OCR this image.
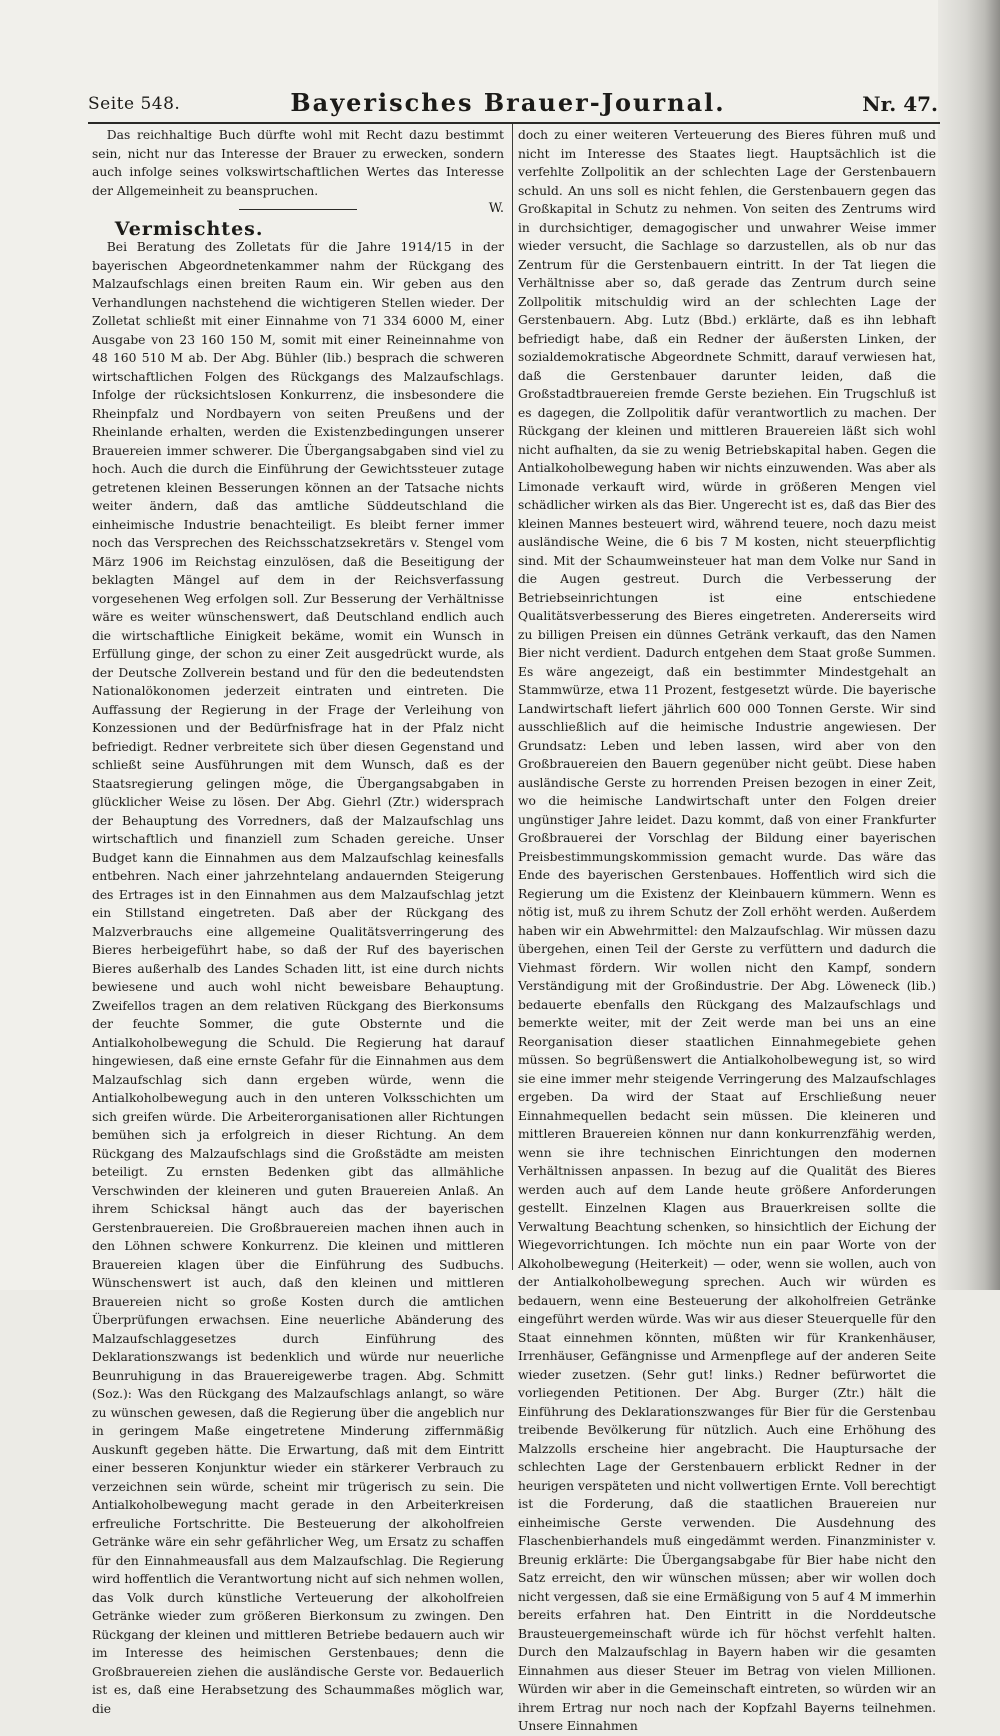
Seite 548.	Bayerisches Brauer-Journal.	Nr. 47.

Das reichhaltige Buch dürfte wohl mit Recht dazu bestimmt sein, nicht nur das Interesse der Brauer zu erwecken, sondern auch infolge seines volkswirtschaftlichen Wertes das Interesse der Allgemeinheit zu beanspruchen.

W.

Vermischtes.

Bei Beratung des Zolletats für die Jahre 1914/15 in der bayerischen Abgeordnetenkammer nahm der Rückgang des Malzaufschlags einen breiten Raum ein. Wir geben aus den Verhandlungen nachstehend die wichtigeren Stellen wieder. Der Zolletat schließt mit einer Einnahme von 71 334 6000 M, einer Ausgabe von 23 160 150 M, somit mit einer Reineinnahme von 48 160 510 M ab. Der Abg. Bühler (lib.) besprach die schweren wirtschaftlichen Folgen des Rückgangs des Malzaufschlags. Infolge der rücksichtslosen Konkurrenz, die insbesondere die Rheinpfalz und Nordbayern von seiten Preußens und der Rheinlande erhalten, werden die Existenzbedingungen unserer Brauereien immer schwerer. Die Übergangsabgaben sind viel zu hoch. Auch die durch die Einführung der Gewichtssteuer zutage getretenen kleinen Besserungen können an der Tatsache nichts weiter ändern, daß das amtliche Süddeutschland die einheimische Industrie benachteiligt. Es bleibt ferner immer noch das Versprechen des Reichsschatzsekretärs v. Stengel vom März 1906 im Reichstag einzulösen, daß die Beseitigung der beklagten Mängel auf dem in der Reichsverfassung vorgesehenen Weg erfolgen soll. Zur Besserung der Verhältnisse wäre es weiter wünschenswert, daß Deutschland endlich auch die wirtschaftliche Einigkeit bekäme, womit ein Wunsch in Erfüllung ginge, der schon zu einer Zeit ausgedrückt wurde, als der Deutsche Zollverein bestand und für den die bedeutendsten Nationalökonomen jederzeit eintraten und eintreten. Die Auffassung der Regierung in der Frage der Verleihung von Konzessionen und der Bedürfnisfrage hat in der Pfalz nicht befriedigt. Redner verbreitete sich über diesen Gegenstand und schließt seine Ausführungen mit dem Wunsch, daß es der Staatsregierung gelingen möge, die Übergangsabgaben in glücklicher Weise zu lösen. Der Abg. Giehrl (Ztr.) widersprach der Behauptung des Vorredners, daß der Malzaufschlag uns wirtschaftlich und finanziell zum Schaden gereiche. Unser Budget kann die Einnahmen aus dem Malzaufschlag keinesfalls entbehren. Nach einer jahrzehntelang andauernden Steigerung des Ertrages ist in den Einnahmen aus dem Malzaufschlag jetzt ein Stillstand eingetreten. Daß aber der Rückgang des Malzverbrauchs eine allgemeine Qualitätsverringerung des Bieres herbeigeführt habe, so daß der Ruf des bayerischen Bieres außerhalb des Landes Schaden litt, ist eine durch nichts bewiesene und auch wohl nicht beweisbare Behauptung. Zweifellos tragen an dem relativen Rückgang des Bierkonsums der feuchte Sommer, die gute Obsternte und die Antialkoholbewegung die Schuld. Die Regierung hat darauf hingewiesen, daß eine ernste Gefahr für die Einnahmen aus dem Malzaufschlag sich dann ergeben würde, wenn die Antialkoholbewegung auch in den unteren Volksschichten um sich greifen würde. Die Arbeiterorganisationen aller Richtungen bemühen sich ja erfolgreich in dieser Richtung. An dem Rückgang des Malzaufschlags sind die Großstädte am meisten beteiligt. Zu ernsten Bedenken gibt das allmähliche Verschwinden der kleineren und guten Brauereien Anlaß. An ihrem Schicksal hängt auch das der bayerischen Gerstenbrauereien. Die Großbrauereien machen ihnen auch in den Löhnen schwere Konkurrenz. Die kleinen und mittleren Brauereien klagen über die Einführung des Sudbuchs. Wünschenswert ist auch, daß den kleinen und mittleren Brauereien nicht so große Kosten durch die amtlichen Überprüfungen erwachsen. Eine neuerliche Abänderung des Malzaufschlaggesetzes durch Einführung des Deklarationszwangs ist bedenklich und würde nur neuerliche Beunruhigung in das Brauereigewerbe tragen. Abg. Schmitt (Soz.): Was den Rückgang des Malzaufschlags anlangt, so wäre zu wünschen gewesen, daß die Regierung über die angeblich nur in geringem Maße eingetretene Minderung ziffernmäßig Auskunft gegeben hätte. Die Erwartung, daß mit dem Eintritt einer besseren Konjunktur wieder ein stärkerer Verbrauch zu verzeichnen sein würde, scheint mir trügerisch zu sein. Die Antialkoholbewegung macht gerade in den Arbeiterkreisen erfreuliche Fortschritte. Die Besteuerung der alkoholfreien Getränke wäre ein sehr gefährlicher Weg, um Ersatz zu schaffen für den Einnahmeausfall aus dem Malzaufschlag. Die Regierung wird hoffentlich die Verantwortung nicht auf sich nehmen wollen, das Volk durch künstliche Verteuerung der alkoholfreien Getränke wieder zum größeren Bierkonsum zu zwingen. Den Rückgang der kleinen und mittleren Betriebe bedauern auch wir im Interesse des heimischen Gerstenbaues; denn die Großbrauereien ziehen die ausländische Gerste vor. Bedauerlich ist es, daß eine Herabsetzung des Schaummaßes möglich war, die

doch zu einer weiteren Verteuerung des Bieres führen muß und nicht im Interesse des Staates liegt. Hauptsächlich ist die verfehlte Zollpolitik an der schlechten Lage der Gerstenbauern schuld. An uns soll es nicht fehlen, die Gerstenbauern gegen das Großkapital in Schutz zu nehmen. Von seiten des Zentrums wird in durchsichtiger, demagogischer und unwahrer Weise immer wieder versucht, die Sachlage so darzustellen, als ob nur das Zentrum für die Gerstenbauern eintritt. In der Tat liegen die Verhältnisse aber so, daß gerade das Zentrum durch seine Zollpolitik mitschuldig wird an der schlechten Lage der Gerstenbauern. Abg. Lutz (Bbd.) erklärte, daß es ihn lebhaft befriedigt habe, daß ein Redner der äußersten Linken, der sozialdemokratische Abgeordnete Schmitt, darauf verwiesen hat, daß die Gerstenbauer darunter leiden, daß die Großstadtbrauereien fremde Gerste beziehen. Ein Trugschluß ist es dagegen, die Zollpolitik dafür verantwortlich zu machen. Der Rückgang der kleinen und mittleren Brauereien läßt sich wohl nicht aufhalten, da sie zu wenig Betriebskapital haben. Gegen die Antialkoholbewegung haben wir nichts einzuwenden. Was aber als Limonade verkauft wird, würde in größeren Mengen viel schädlicher wirken als das Bier. Ungerecht ist es, daß das Bier des kleinen Mannes besteuert wird, während teuere, noch dazu meist ausländische Weine, die 6 bis 7 M kosten, nicht steuerpflichtig sind. Mit der Schaumweinsteuer hat man dem Volke nur Sand in die Augen gestreut. Durch die Verbesserung der Betriebseinrichtungen ist eine entschiedene Qualitätsverbesserung des Bieres eingetreten. Andererseits wird zu billigen Preisen ein dünnes Getränk verkauft, das den Namen Bier nicht verdient. Dadurch entgehen dem Staat große Summen. Es wäre angezeigt, daß ein bestimmter Mindestgehalt an Stammwürze, etwa 11 Prozent, festgesetzt würde. Die bayerische Landwirtschaft liefert jährlich 600 000 Tonnen Gerste. Wir sind ausschließlich auf die heimische Industrie angewiesen. Der Grundsatz: Leben und leben lassen, wird aber von den Großbrauereien den Bauern gegenüber nicht geübt. Diese haben ausländische Gerste zu horrenden Preisen bezogen in einer Zeit, wo die heimische Landwirtschaft unter den Folgen dreier ungünstiger Jahre leidet. Dazu kommt, daß von einer Frankfurter Großbrauerei der Vorschlag der Bildung einer bayerischen Preisbestimmungskommission gemacht wurde. Das wäre das Ende des bayerischen Gerstenbaues. Hoffentlich wird sich die Regierung um die Existenz der Kleinbauern kümmern. Wenn es nötig ist, muß zu ihrem Schutz der Zoll erhöht werden. Außerdem haben wir ein Abwehrmittel: den Malzaufschlag. Wir müssen dazu übergehen, einen Teil der Gerste zu verfüttern und dadurch die Viehmast fördern. Wir wollen nicht den Kampf, sondern Verständigung mit der Großindustrie. Der Abg. Löweneck (lib.) bedauerte ebenfalls den Rückgang des Malzaufschlags und bemerkte weiter, mit der Zeit werde man bei uns an eine Reorganisation dieser staatlichen Einnahmegebiete gehen müssen. So begrüßenswert die Antialkoholbewegung ist, so wird sie eine immer mehr steigende Verringerung des Malzaufschlages ergeben. Da wird der Staat auf Erschließung neuer Einnahmequellen bedacht sein müssen. Die kleineren und mittleren Brauereien können nur dann konkurrenzfähig werden, wenn sie ihre technischen Einrichtungen den modernen Verhältnissen anpassen. In bezug auf die Qualität des Bieres werden auch auf dem Lande heute größere Anforderungen gestellt. Einzelnen Klagen aus Brauerkreisen sollte die Verwaltung Beachtung schenken, so hinsichtlich der Eichung der Wiegevorrichtungen. Ich möchte nun ein paar Worte von der Alkoholbewegung (Heiterkeit) — oder, wenn sie wollen, auch von der Antialkoholbewegung sprechen. Auch wir würden es bedauern, wenn eine Besteuerung der alkoholfreien Getränke eingeführt werden würde. Was wir aus dieser Steuerquelle für den Staat einnehmen könnten, müßten wir für Krankenhäuser, Irrenhäuser, Gefängnisse und Armenpflege auf der anderen Seite wieder zusetzen. (Sehr gut! links.) Redner befürwortet die vorliegenden Petitionen. Der Abg. Burger (Ztr.) hält die Einführung des Deklarationszwanges für Bier für die Gerstenbau treibende Bevölkerung für nützlich. Auch eine Erhöhung des Malzzolls erscheine hier angebracht. Die Hauptursache der schlechten Lage der Gerstenbauern erblickt Redner in der heurigen verspäteten und nicht vollwertigen Ernte. Voll berechtigt ist die Forderung, daß die staatlichen Brauereien nur einheimische Gerste verwenden. Die Ausdehnung des Flaschenbierhandels muß eingedämmt werden. Finanzminister v. Breunig erklärte: Die Übergangsabgabe für Bier habe nicht den Satz erreicht, den wir wünschen müssen; aber wir wollen doch nicht vergessen, daß sie eine Ermäßigung von 5 auf 4 M immerhin bereits erfahren hat. Den Eintritt in die Norddeutsche Brausteuergemeinschaft würde ich für höchst verfehlt halten. Durch den Malzaufschlag in Bayern haben wir die gesamten Einnahmen aus dieser Steuer im Betrag von vielen Millionen. Würden wir aber in die Gemeinschaft eintreten, so würden wir an ihrem Ertrag nur noch nach der Kopfzahl Bayerns teilnehmen. Unsere Einnahmen
